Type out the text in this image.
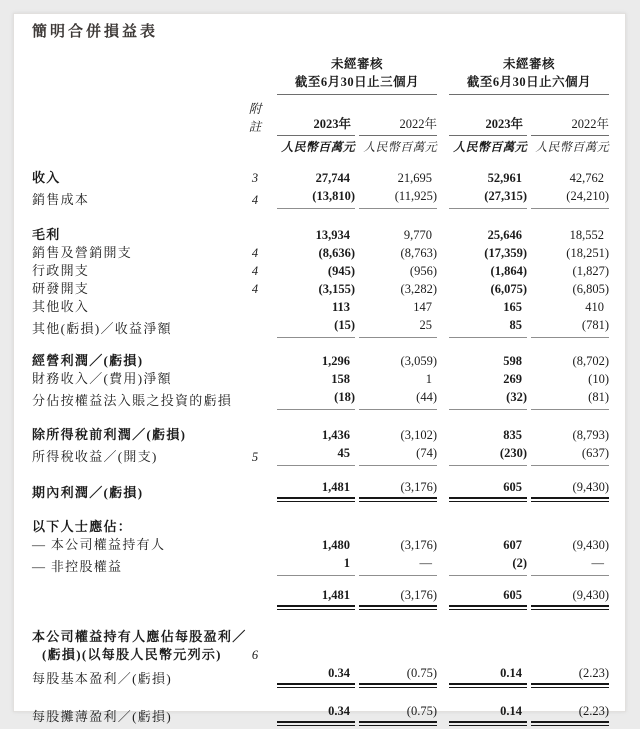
簡明合併損益表
未經審核	未經審核
截至6月30日止三個月	截至6月30日止六個月
附註	2023年	2022年	2023年	2022年
人民幣百萬元 人民幣百萬元	人民幣百萬元 人民幣百萬元
收入	3	27,744	21,695	52,961	42,762
銷售成本	4	(13,810)	(11,925)	(27,315)	(24,210)
毛利	13,934	9,770	25,646	18,552
銷售及營銷開支	4	(8,636)	(8,763)	(17,359)	(18,251)
行政開支	4	(945)	(956)	(1,864)	(1,827)
研發開支	4	(3,155)	(3,282)	(6,075)	(6,805)
其他收入	113	147	165	410
其他(虧損)／收益淨額	(15)	25	85	(781)
經營利潤／(虧損)	1,296	(3,059)	598	(8,702)
財務收入／(費用)淨額	158	1	269	(10)
分佔按權益法入賬之投資的虧損	(18)	(44)	(32)	(81)
除所得稅前利潤／(虧損)	1,436	(3,102)	835	(8,793)
所得稅收益／(開支)	5	45	(74)	(230)	(637)
期內利潤／(虧損)	1,481	(3,176)	605	(9,430)
以下人士應佔：
— 本公司權益持有人	1,480	(3,176)	607	(9,430)
— 非控股權益	1	—	(2)	—
1,481	(3,176)	605	(9,430)
本公司權益持有人應佔每股盈利／
(虧損)(以每股人民幣元列示)	6
每股基本盈利／(虧損)	0.34	(0.75)	0.14	(2.23)
每股攤薄盈利／(虧損)	0.34	(0.75)	0.14	(2.23)
